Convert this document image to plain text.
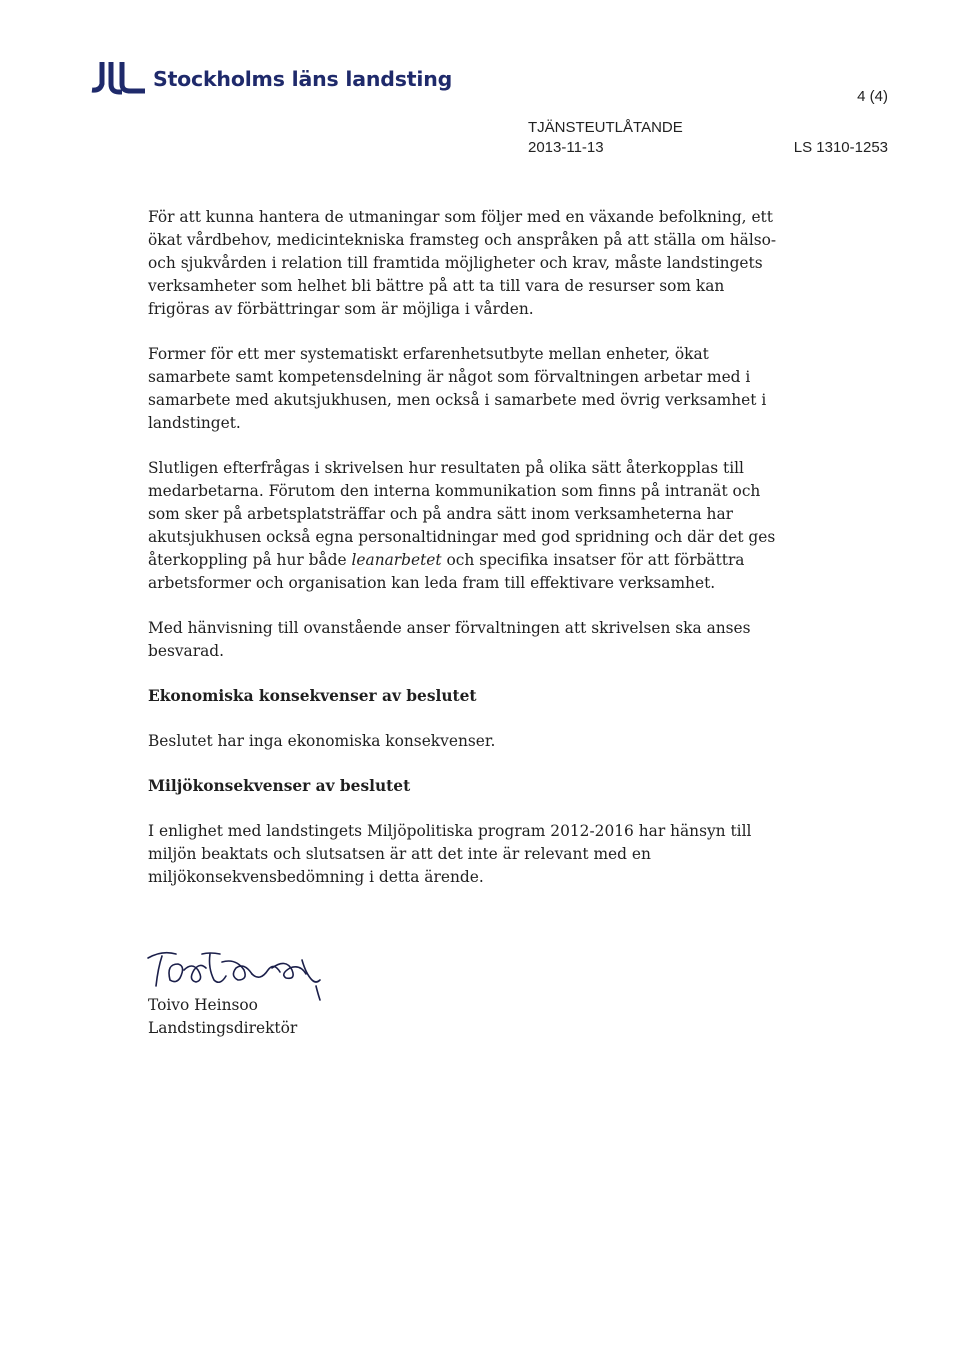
Stockholms läns landsting
4 (4)
TJÄNSTEUTLÅTANDE
2013-11-13	LS 1310-1253

För att kunna hantera de utmaningar som följer med en växande befolkning, ett ökat vårdbehov, medicintekniska framsteg och anspråken på att ställa om hälso- och sjukvården i relation till framtida möjligheter och krav, måste landstingets verksamheter som helhet bli bättre på att ta till vara de resurser som kan frigöras av förbättringar som är möjliga i vården.

Former för ett mer systematiskt erfarenhetsutbyte mellan enheter, ökat samarbete samt kompetensdelning är något som förvaltningen arbetar med i samarbete med akutsjukhusen, men också i samarbete med övrig verksamhet i landstinget.

Slutligen efterfrågas i skrivelsen hur resultaten på olika sätt återkopplas till medarbetarna. Förutom den interna kommunikation som finns på intranät och som sker på arbetsplatsträffar och på andra sätt inom verksamheterna har akutsjukhusen också egna personaltidningar med god spridning och där det ges återkoppling på hur både leanarbetet och specifika insatser för att förbättra arbetsformer och organisation kan leda fram till effektivare verksamhet.

Med hänvisning till ovanstående anser förvaltningen att skrivelsen ska anses besvarad.

Ekonomiska konsekvenser av beslutet

Beslutet har inga ekonomiska konsekvenser.

Miljökonsekvenser av beslutet

I enlighet med landstingets Miljöpolitiska program 2012-2016 har hänsyn till miljön beaktats och slutsatsen är att det inte är relevant med en miljökonsekvensbedömning i detta ärende.

Toivo Heinsoo
Landstingsdirektör
